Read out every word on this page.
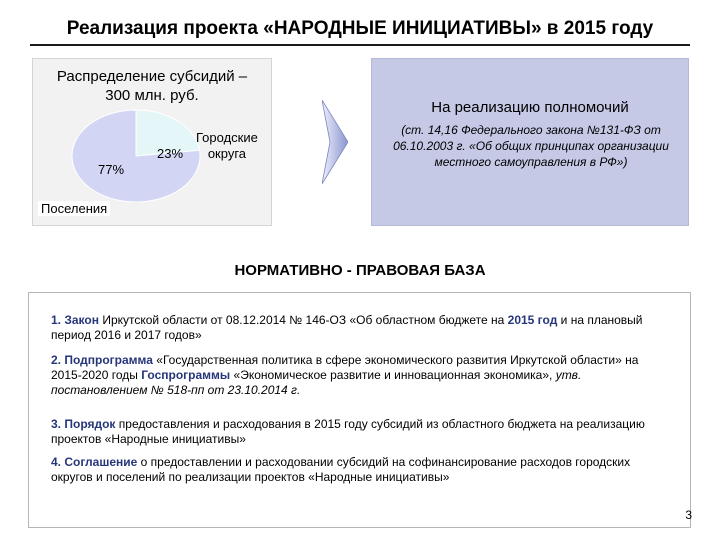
Реализация проекта «НАРОДНЫЕ ИНИЦИАТИВЫ» в 2015 году
Распределение субсидий –
300 млн. руб.
23%
77%
Городские
округа
Поселения
На реализацию полномочий
(ст. 14,16 Федерального закона №131-ФЗ от 06.10.2003 г. «Об общих принципах организации местного самоуправления в РФ»)
НОРМАТИВНО - ПРАВОВАЯ БАЗА
1. Закон Иркутской области от 08.12.2014 № 146-ОЗ «Об областном бюджете на 2015 год и на плановый период 2016 и 2017 годов»
2. Подпрограмма «Государственная политика в сфере экономического развития Иркутской области» на 2015-2020 годы Госпрограммы «Экономическое развитие и инновационная экономика», утв. постановлением № 518-пп от 23.10.2014 г.
3. Порядок предоставления и расходования в 2015 году субсидий из областного бюджета на реализацию проектов «Народные инициативы»
4. Соглашение о предоставлении и расходовании субсидий на софинансирование расходов городских округов и поселений по реализации проектов «Народные инициативы»
3
